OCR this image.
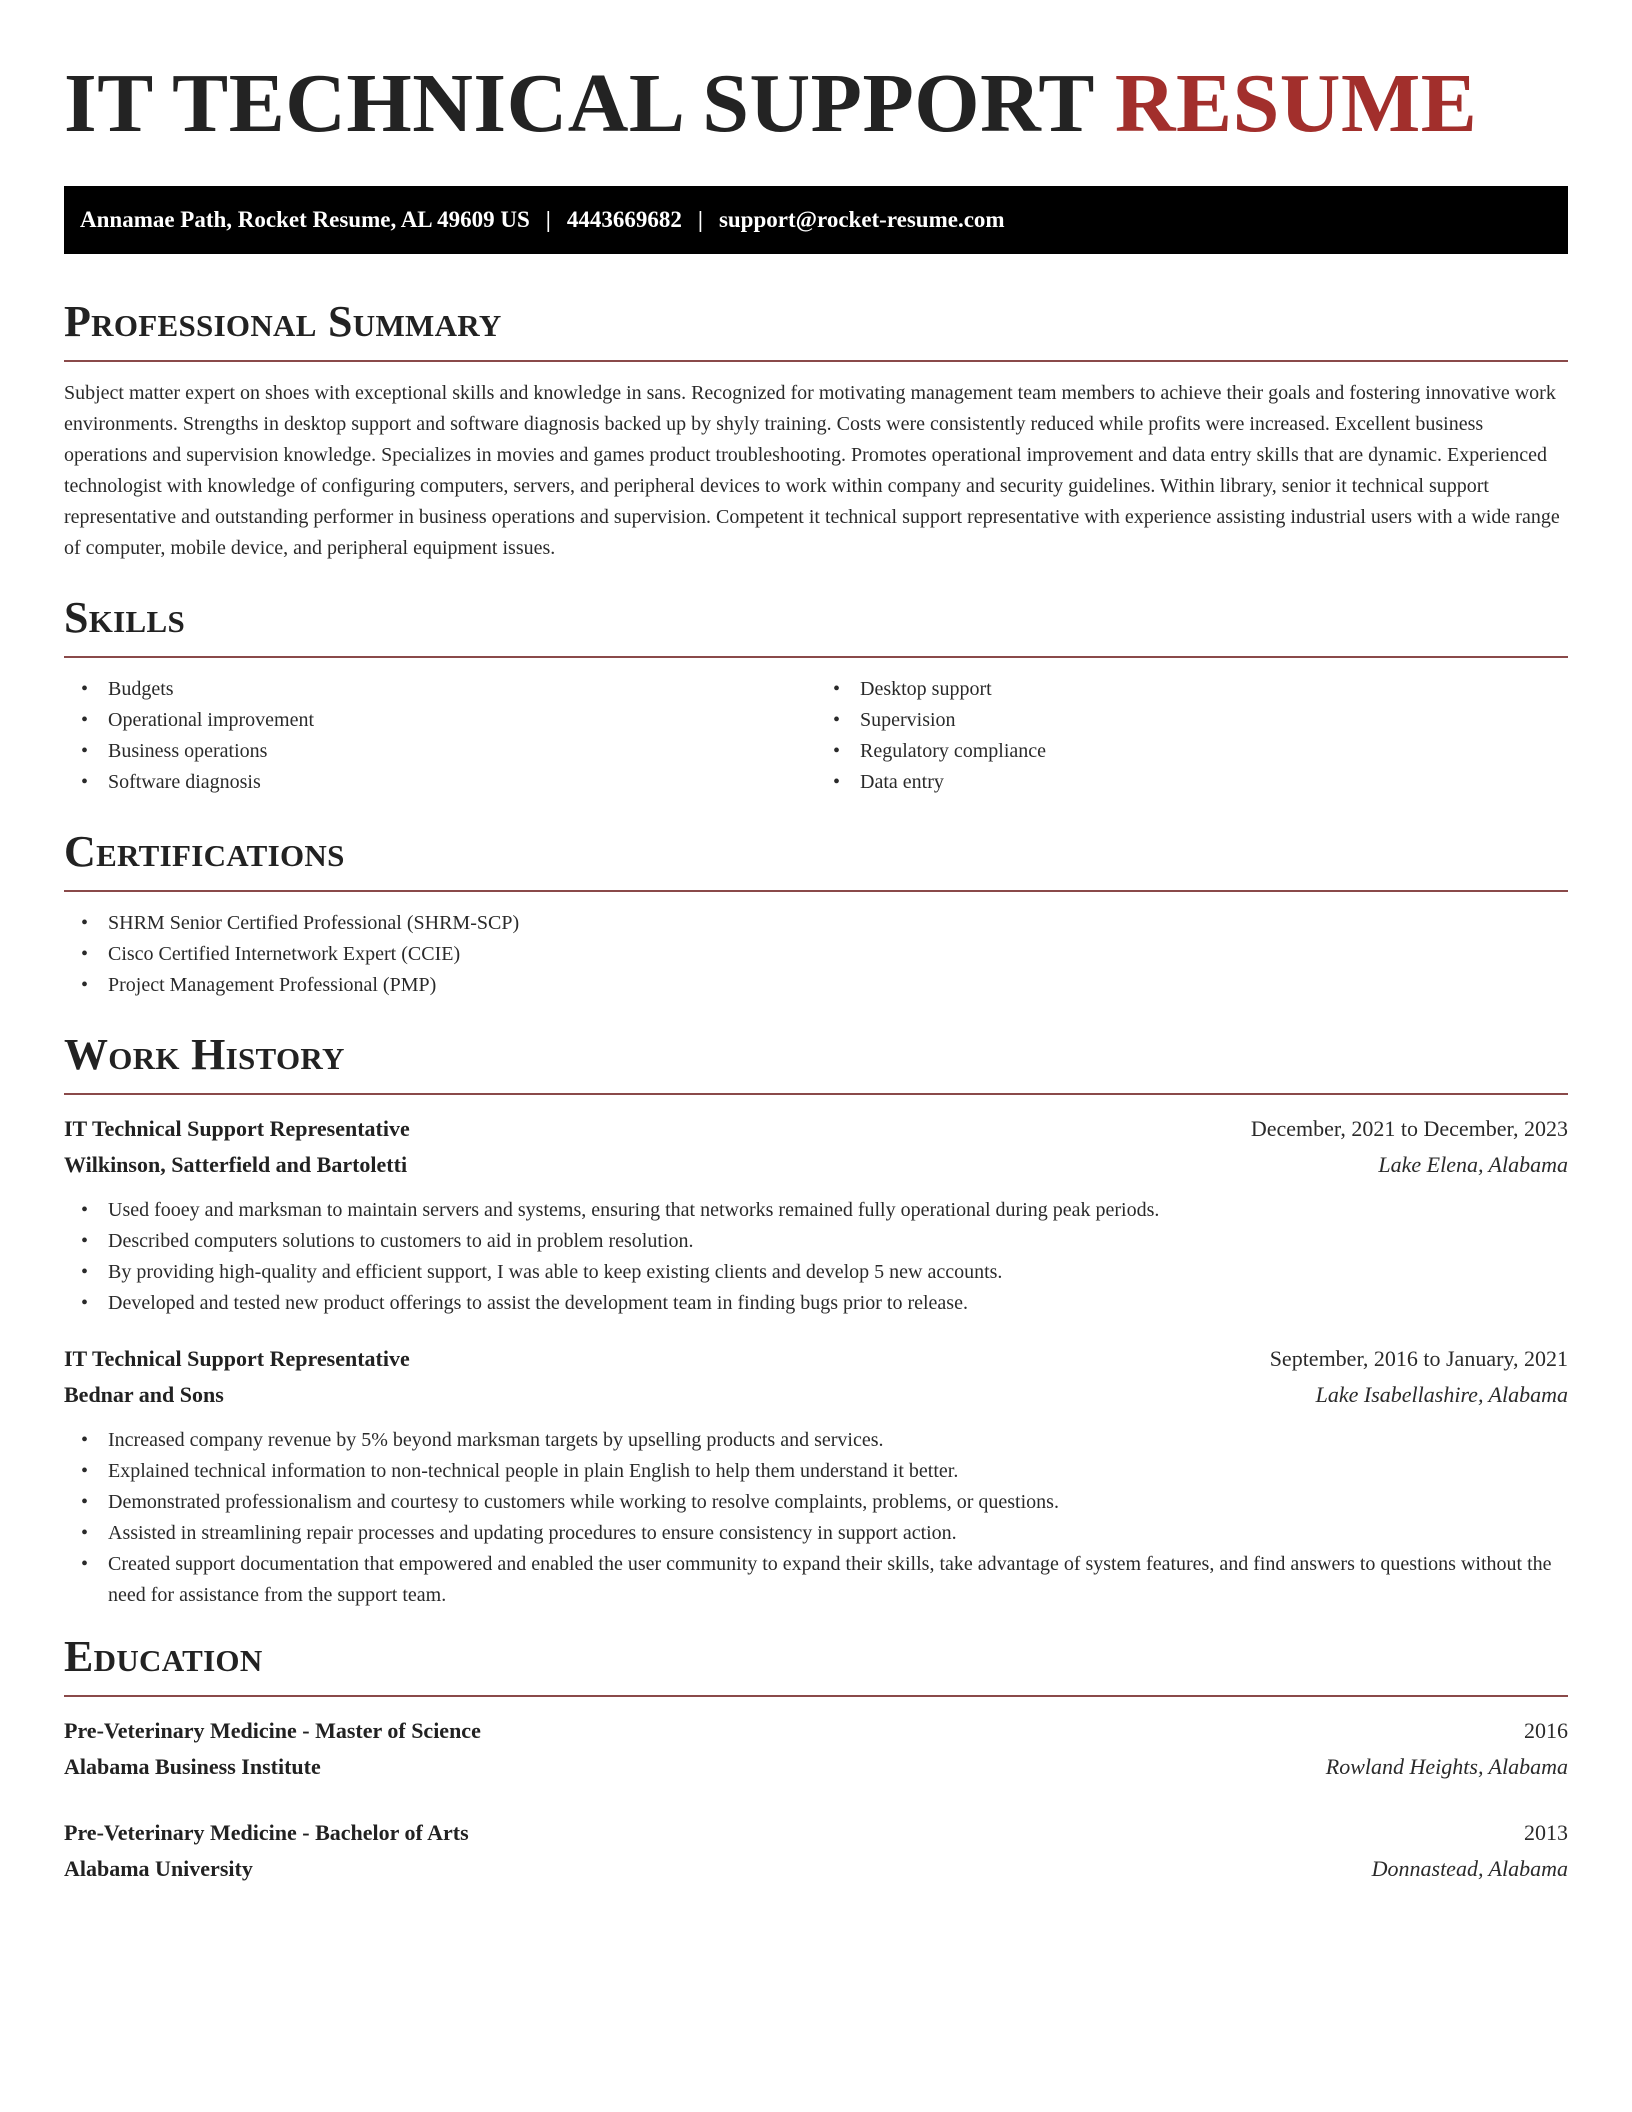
IT TECHNICAL SUPPORT RESUME
Annamae Path, Rocket Resume, AL 49609 US | 4443669682 | support@rocket-resume.com
Professional Summary

Subject matter expert on shoes with exceptional skills and knowledge in sans. Recognized for motivating management team members to achieve their goals and fostering innovative work environments. Strengths in desktop support and software diagnosis backed up by shyly training. Costs were consistently reduced while profits were increased. Excellent business operations and supervision knowledge. Specializes in movies and games product troubleshooting. Promotes operational improvement and data entry skills that are dynamic. Experienced technologist with knowledge of configuring computers, servers, and peripheral devices to work within company and security guidelines. Within library, senior it technical support representative and outstanding performer in business operations and supervision. Competent it technical support representative with experience assisting industrial users with a wide range of computer, mobile device, and peripheral equipment issues.

Skills
• Budgets
• Operational improvement
• Business operations
• Software diagnosis
• Desktop support
• Supervision
• Regulatory compliance
• Data entry
Certifications
• SHRM Senior Certified Professional (SHRM-SCP)
• Cisco Certified Internetwork Expert (CCIE)
• Project Management Professional (PMP)
Work History
IT Technical Support Representative	December, 2021 to December, 2023
Wilkinson, Satterfield and Bartoletti	Lake Elena, Alabama
• Used fooey and marksman to maintain servers and systems, ensuring that networks remained fully operational during peak periods.
• Described computers solutions to customers to aid in problem resolution.
• By providing high-quality and efficient support, I was able to keep existing clients and develop 5 new accounts.
• Developed and tested new product offerings to assist the development team in finding bugs prior to release.
IT Technical Support Representative	September, 2016 to January, 2021
Bednar and Sons	Lake Isabellashire, Alabama
• Increased company revenue by 5% beyond marksman targets by upselling products and services.
• Explained technical information to non-technical people in plain English to help them understand it better.
• Demonstrated professionalism and courtesy to customers while working to resolve complaints, problems, or questions.
• Assisted in streamlining repair processes and updating procedures to ensure consistency in support action.
• Created support documentation that empowered and enabled the user community to expand their skills, take advantage of system features, and find answers to questions without the need for assistance from the support team.
Education
Pre-Veterinary Medicine - Master of Science	2016
Alabama Business Institute	Rowland Heights, Alabama
Pre-Veterinary Medicine - Bachelor of Arts	2013
Alabama University	Donnastead, Alabama
